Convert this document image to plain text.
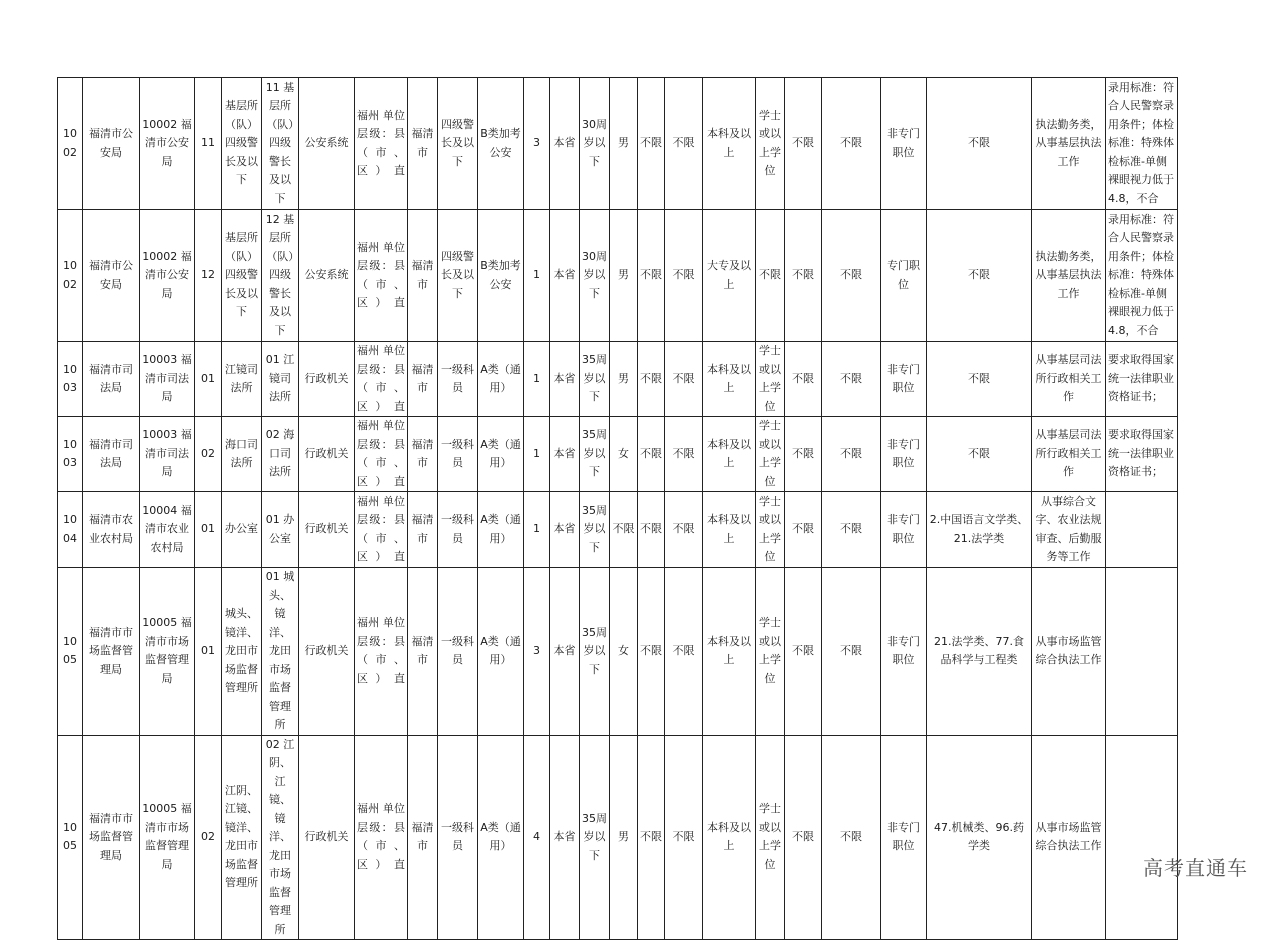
1002	福清市公安局	10002 福清市公安局	11	基层所（队）四级警长及以下	11 基层所（队）四级警长及以下	公安系统	福州 单位层级：县（市、区）直	福清市	四级警长及以下	B类加考公安	3	本省	30周岁以下	男	不限	不限	本科及以上	学士或以上学位	不限	不限	非专门职位	不限	执法勤务类，从事基层执法工作	录用标准：符合人民警察录用条件；体检标准：特殊体检标准-单侧裸眼视力低于4.8，不合
1002	福清市公安局	10002 福清市公安局	12	基层所（队）四级警长及以下	12 基层所（队）四级警长及以下	公安系统	福州 单位层级：县（市、区）直	福清市	四级警长及以下	B类加考公安	1	本省	30周岁以下	男	不限	不限	大专及以上	不限	不限	不限	专门职位	不限	执法勤务类，从事基层执法工作	录用标准：符合人民警察录用条件；体检标准：特殊体检标准-单侧裸眼视力低于4.8，不合
1003	福清市司法局	10003 福清市司法局	01	江镜司法所	01 江镜司法所	行政机关	福州 单位层级：县（市、区）直	福清市	一级科员	A类（通用）	1	本省	35周岁以下	男	不限	不限	本科及以上	学士或以上学位	不限	不限	非专门职位	不限	从事基层司法所行政相关工作	要求取得国家统一法律职业资格证书；
1003	福清市司法局	10003 福清市司法局	02	海口司法所	02 海口司法所	行政机关	福州 单位层级：县（市、区）直	福清市	一级科员	A类（通用）	1	本省	35周岁以下	女	不限	不限	本科及以上	学士或以上学位	不限	不限	非专门职位	不限	从事基层司法所行政相关工作	要求取得国家统一法律职业资格证书；
1004	福清市农业农村局	10004 福清市农业农村局	01	办公室	01 办公室	行政机关	福州 单位层级：县（市、区）直	福清市	一级科员	A类（通用）	1	本省	35周岁以下	不限	不限	不限	本科及以上	学士或以上学位	不限	不限	非专门职位	2.中国语言文学类、21.法学类	从事综合文字、农业法规审查、后勤服务等工作	
1005	福清市市场监督管理局	10005 福清市市场监督管理局	01	城头、镜洋、龙田市场监督管理所	01 城头、镜洋、龙田市场监督管理所	行政机关	福州 单位层级：县（市、区）直	福清市	一级科员	A类（通用）	3	本省	35周岁以下	女	不限	不限	本科及以上	学士或以上学位	不限	不限	非专门职位	21.法学类、77.食品科学与工程类	从事市场监管综合执法工作	
1005	福清市市场监督管理局	10005 福清市市场监督管理局	02	江阴、江镜、镜洋、龙田市场监督管理所	02 江阴、江镜、镜洋、龙田市场监督管理所	行政机关	福州 单位层级：县（市、区）直	福清市	一级科员	A类（通用）	4	本省	35周岁以下	男	不限	不限	本科及以上	学士或以上学位	不限	不限	非专门职位	47.机械类、96.药学类	从事市场监管综合执法工作	
高考直通车
